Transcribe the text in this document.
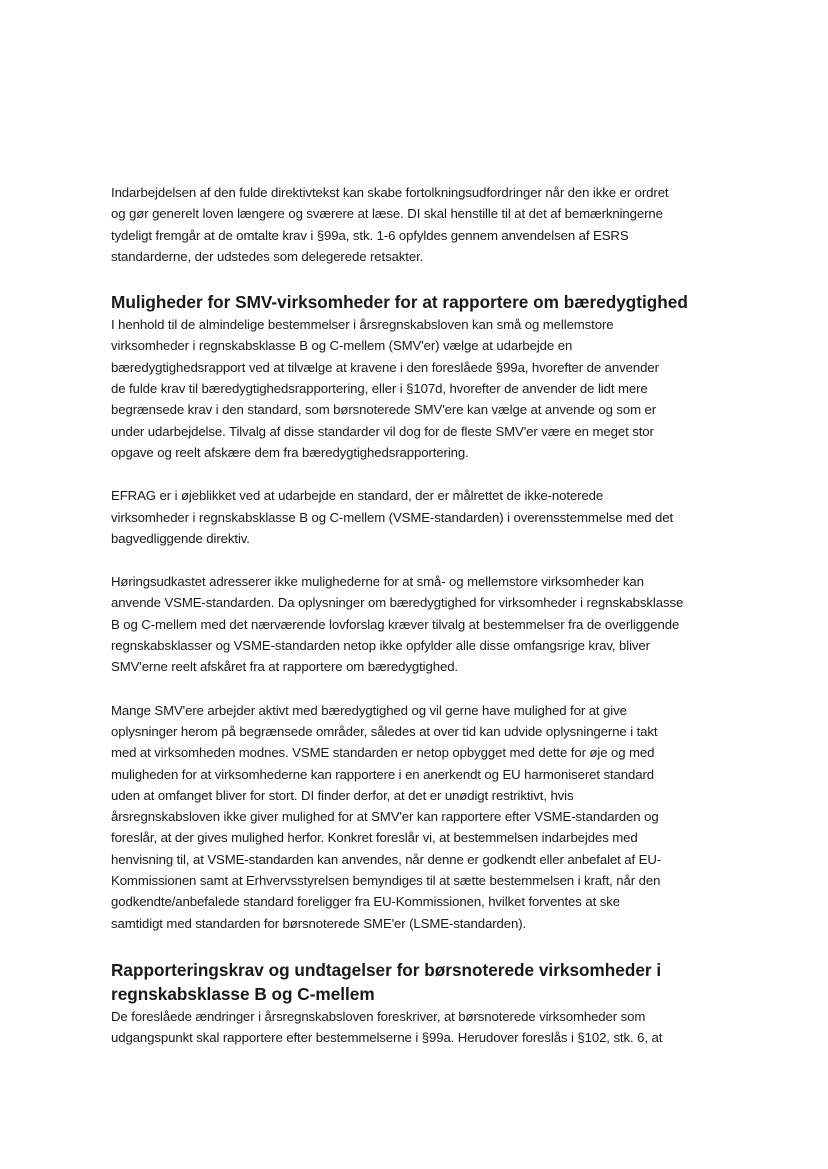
Indarbejdelsen af den fulde direktivtekst kan skabe fortolkningsudfordringer når den ikke er ordret
og gør generelt loven længere og sværere at læse. DI skal henstille til at det af bemærkningerne
tydeligt fremgår at de omtalte krav i §99a, stk. 1-6 opfyldes gennem anvendelsen af ESRS
standarderne, der udstedes som delegerede retsakter.

Muligheder for SMV-virksomheder for at rapportere om bæredygtighed

I henhold til de almindelige bestemmelser i årsregnskabsloven kan små og mellemstore
virksomheder i regnskabsklasse B og C-mellem (SMV'er) vælge at udarbejde en
bæredygtighedsrapport ved at tilvælge at kravene i den foreslåede §99a, hvorefter de anvender
de fulde krav til bæredygtighedsrapportering, eller i §107d, hvorefter de anvender de lidt mere
begrænsede krav i den standard, som børsnoterede SMV'ere kan vælge at anvende og som er
under udarbejdelse. Tilvalg af disse standarder vil dog for de fleste SMV'er være en meget stor
opgave og reelt afskære dem fra bæredygtighedsrapportering.

EFRAG er i øjeblikket ved at udarbejde en standard, der er målrettet de ikke-noterede
virksomheder i regnskabsklasse B og C-mellem (VSME-standarden) i overensstemmelse med det
bagvedliggende direktiv.

Høringsudkastet adresserer ikke mulighederne for at små- og mellemstore virksomheder kan
anvende VSME-standarden. Da oplysninger om bæredygtighed for virksomheder i regnskabsklasse
B og C-mellem med det nærværende lovforslag kræver tilvalg at bestemmelser fra de overliggende
regnskabsklasser og VSME-standarden netop ikke opfylder alle disse omfangsrige krav, bliver
SMV'erne reelt afskåret fra at rapportere om bæredygtighed.

Mange SMV'ere arbejder aktivt med bæredygtighed og vil gerne have mulighed for at give
oplysninger herom på begrænsede områder, således at over tid kan udvide oplysningerne i takt
med at virksomheden modnes. VSME standarden er netop opbygget med dette for øje og med
muligheden for at virksomhederne kan rapportere i en anerkendt og EU harmoniseret standard
uden at omfanget bliver for stort. DI finder derfor, at det er unødigt restriktivt, hvis
årsregnskabsloven ikke giver mulighed for at SMV'er kan rapportere efter VSME-standarden og
foreslår, at der gives mulighed herfor. Konkret foreslår vi, at bestemmelsen indarbejdes med
henvisning til, at VSME-standarden kan anvendes, når denne er godkendt eller anbefalet af EU-
Kommissionen samt at Erhvervsstyrelsen bemyndiges til at sætte bestemmelsen i kraft, når den
godkendte/anbefalede standard foreligger fra EU-Kommissionen, hvilket forventes at ske
samtidigt med standarden for børsnoterede SME'er (LSME-standarden).

Rapporteringskrav og undtagelser for børsnoterede virksomheder i
regnskabsklasse B og C-mellem

De foreslåede ændringer i årsregnskabsloven foreskriver, at børsnoterede virksomheder som
udgangspunkt skal rapportere efter bestemmelserne i §99a. Herudover foreslås i §102, stk. 6, at
